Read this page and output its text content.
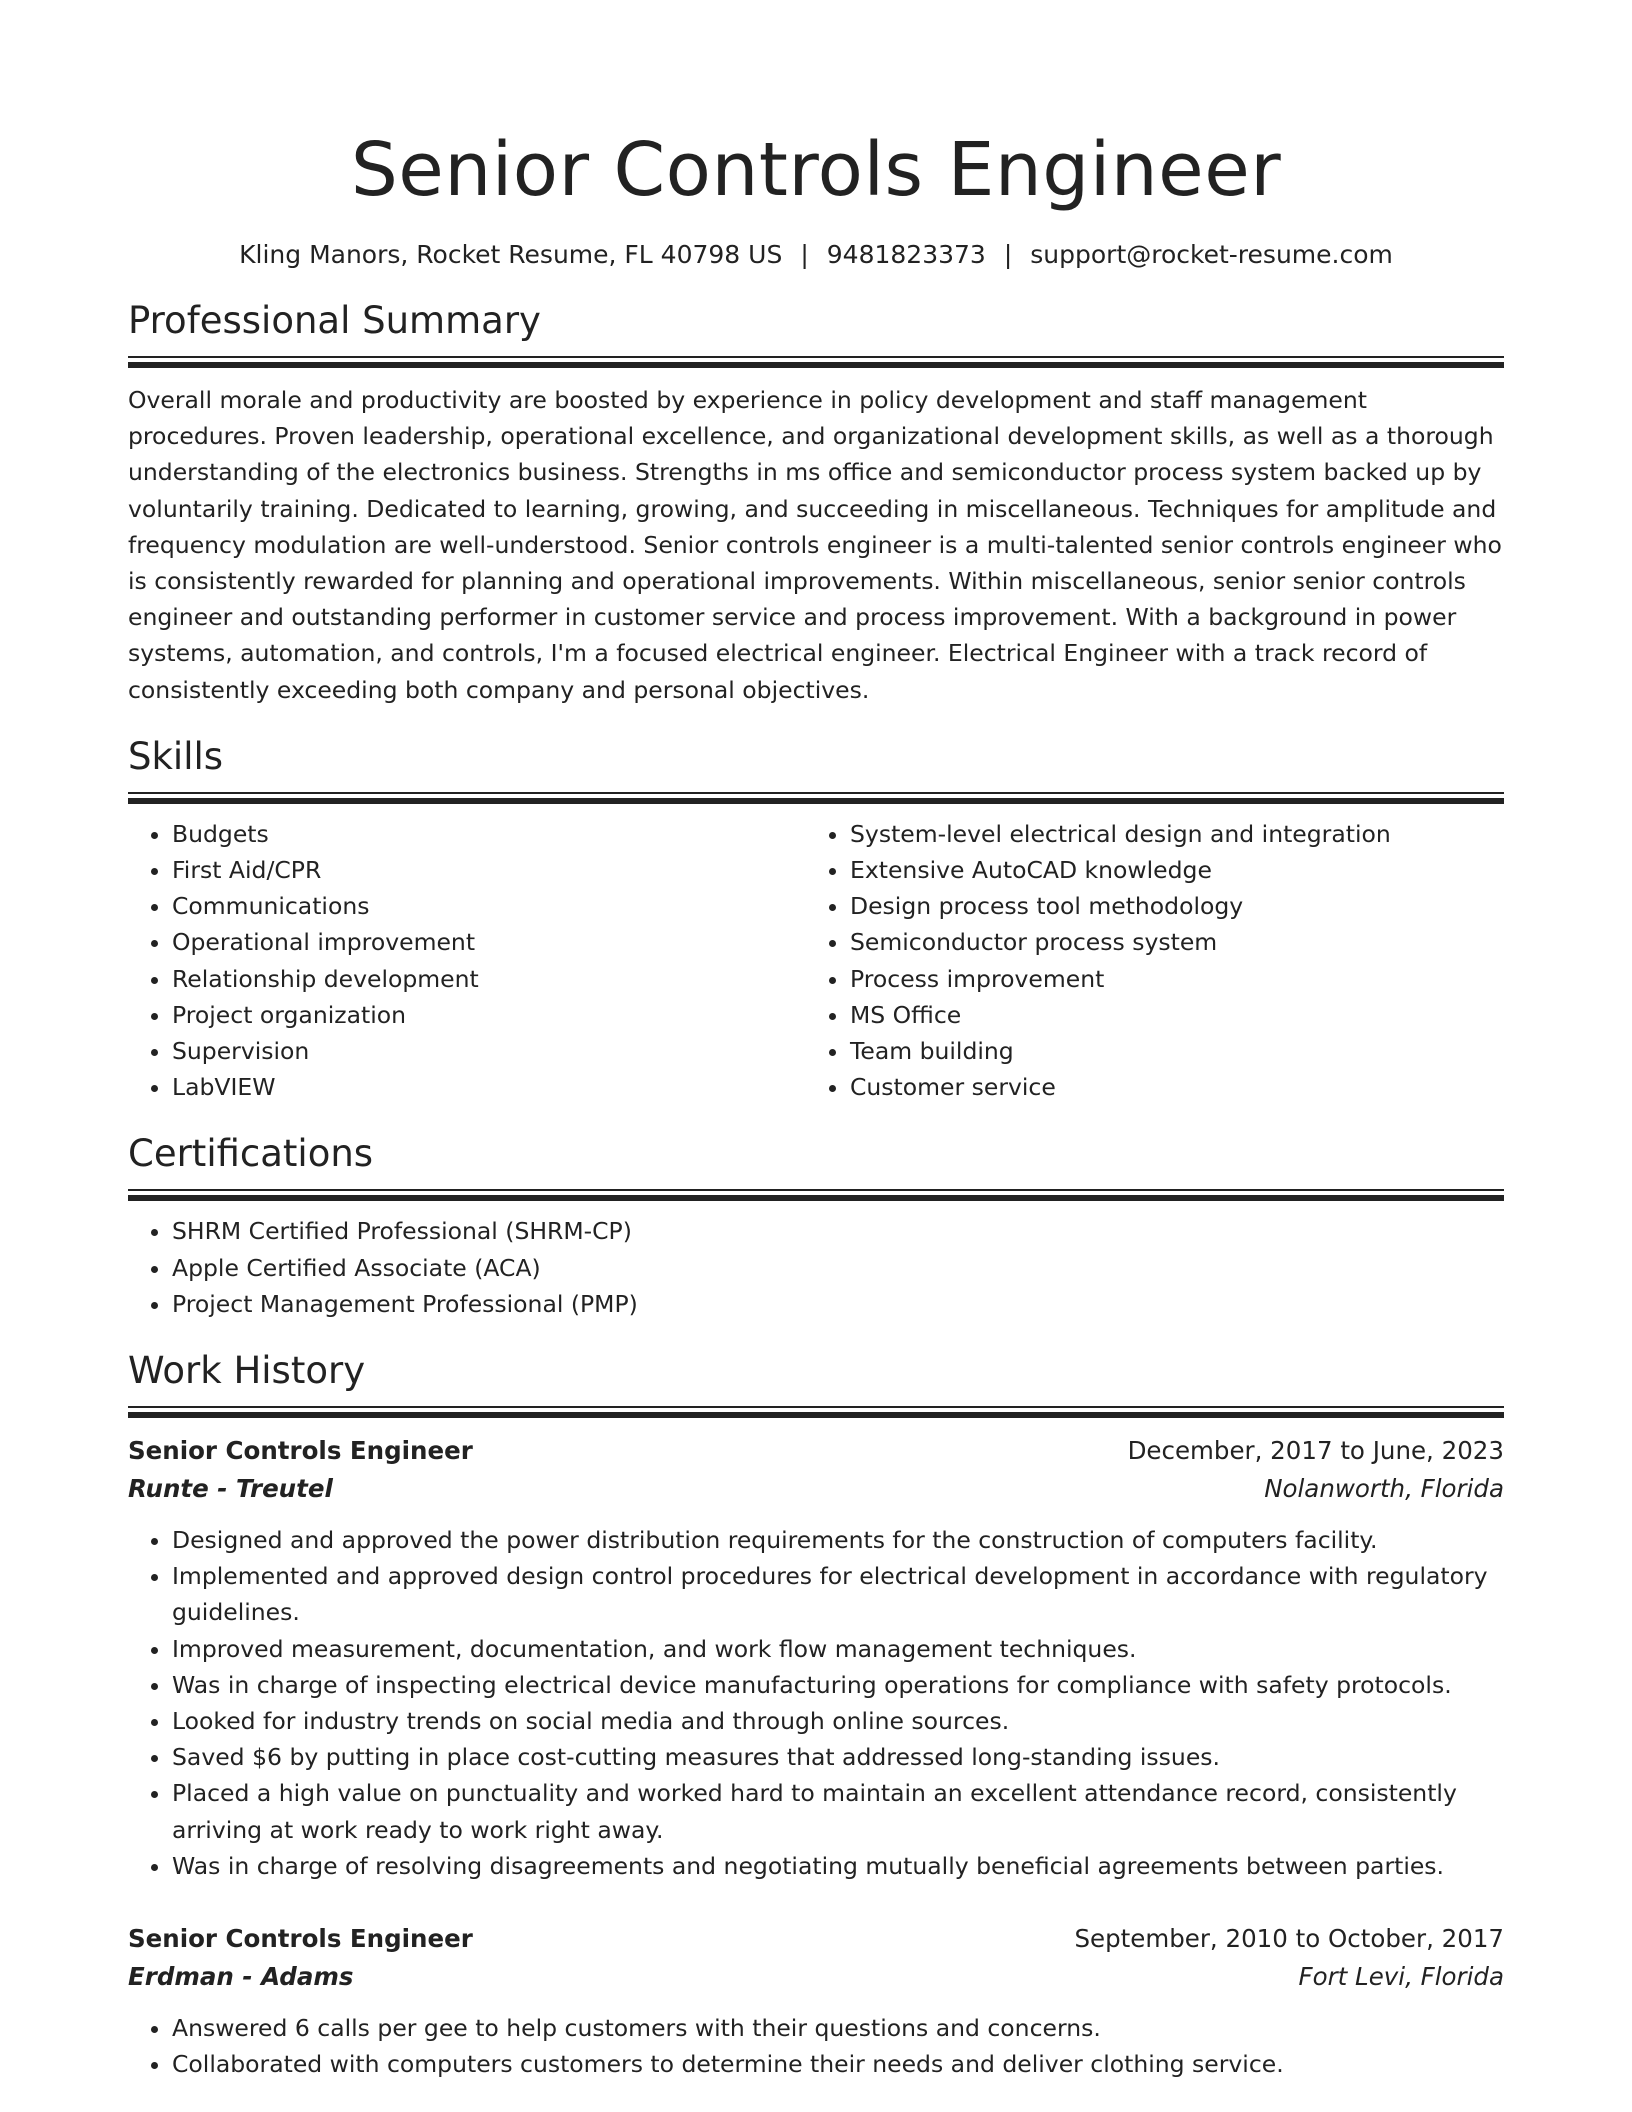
Senior Controls Engineer
Kling Manors, Rocket Resume, FL 40798 US | 9481823373 | support@rocket-resume.com
Professional Summary

Overall morale and productivity are boosted by experience in policy development and staff management procedures. Proven leadership, operational excellence, and organizational development skills, as well as a thorough understanding of the electronics business. Strengths in ms office and semiconductor process system backed up by voluntarily training. Dedicated to learning, growing, and succeeding in miscellaneous. Techniques for amplitude and frequency modulation are well-understood. Senior controls engineer is a multi-talented senior controls engineer who is consistently rewarded for planning and operational improvements. Within miscellaneous, senior senior controls engineer and outstanding performer in customer service and process improvement. With a background in power systems, automation, and controls, I'm a focused electrical engineer. Electrical Engineer with a track record of consistently exceeding both company and personal objectives.

Skills
• Budgets
• First Aid/CPR
• Communications
• Operational improvement
• Relationship development
• Project organization
• Supervision
• LabVIEW
• System-level electrical design and integration
• Extensive AutoCAD knowledge
• Design process tool methodology
• Semiconductor process system
• Process improvement
• MS Office
• Team building
• Customer service
Certifications
• SHRM Certified Professional (SHRM-CP)
• Apple Certified Associate (ACA)
• Project Management Professional (PMP)
Work History
Senior Controls Engineer	December, 2017 to June, 2023
Runte - Treutel	Nolanworth, Florida
• Designed and approved the power distribution requirements for the construction of computers facility.
• Implemented and approved design control procedures for electrical development in accordance with regulatory guidelines.
• Improved measurement, documentation, and work flow management techniques.
• Was in charge of inspecting electrical device manufacturing operations for compliance with safety protocols.
• Looked for industry trends on social media and through online sources.
• Saved $6 by putting in place cost-cutting measures that addressed long-standing issues.
• Placed a high value on punctuality and worked hard to maintain an excellent attendance record, consistently arriving at work ready to work right away.
• Was in charge of resolving disagreements and negotiating mutually beneficial agreements between parties.
Senior Controls Engineer	September, 2010 to October, 2017
Erdman - Adams	Fort Levi, Florida
• Answered 6 calls per gee to help customers with their questions and concerns.
• Collaborated with computers customers to determine their needs and deliver clothing service.
